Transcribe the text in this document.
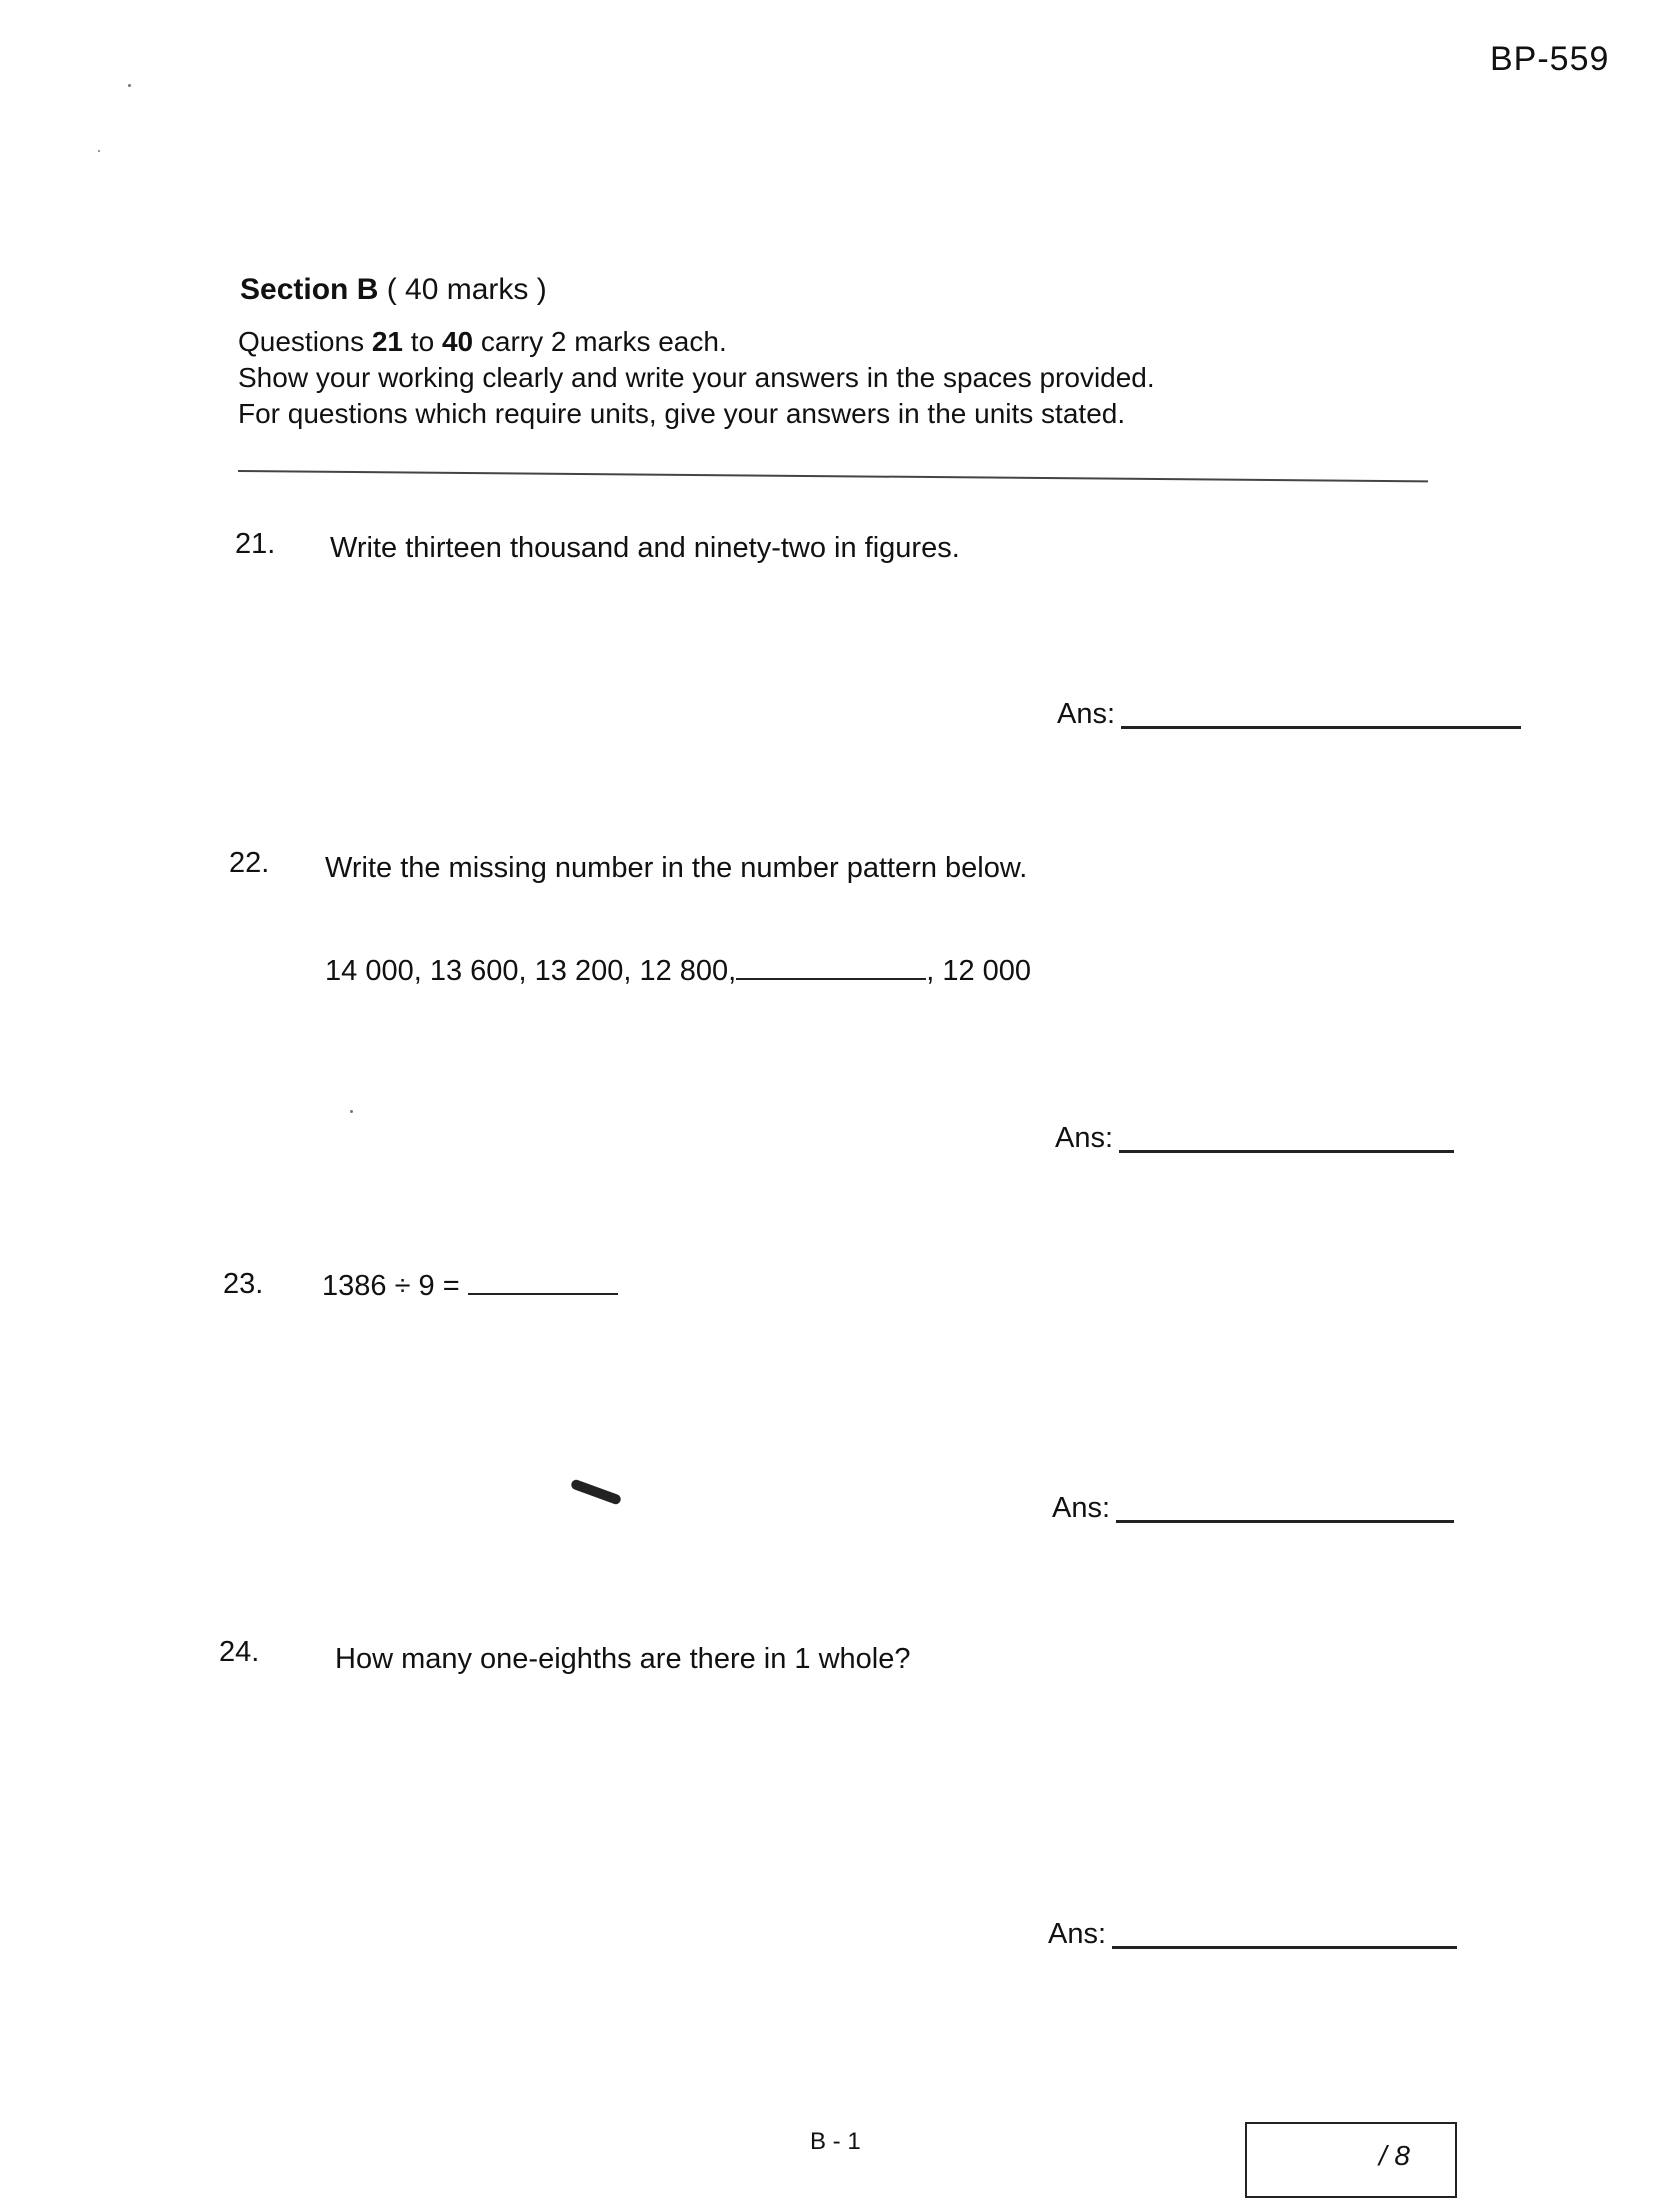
BP-559
Section B ( 40 marks )
Questions 21 to 40 carry 2 marks each.
Show your working clearly and write your answers in the spaces provided.
For questions which require units, give your answers in the units stated.
21. Write thirteen thousand and ninety-two in figures.
Ans:
22. Write the missing number in the number pattern below.
14 000, 13 600, 13 200, 12 800,	, 12 000
Ans:
23. 1386 ÷ 9 =
Ans:
24.	How many one-eighths are there in 1 whole?
Ans:
B - 1	/ 8
